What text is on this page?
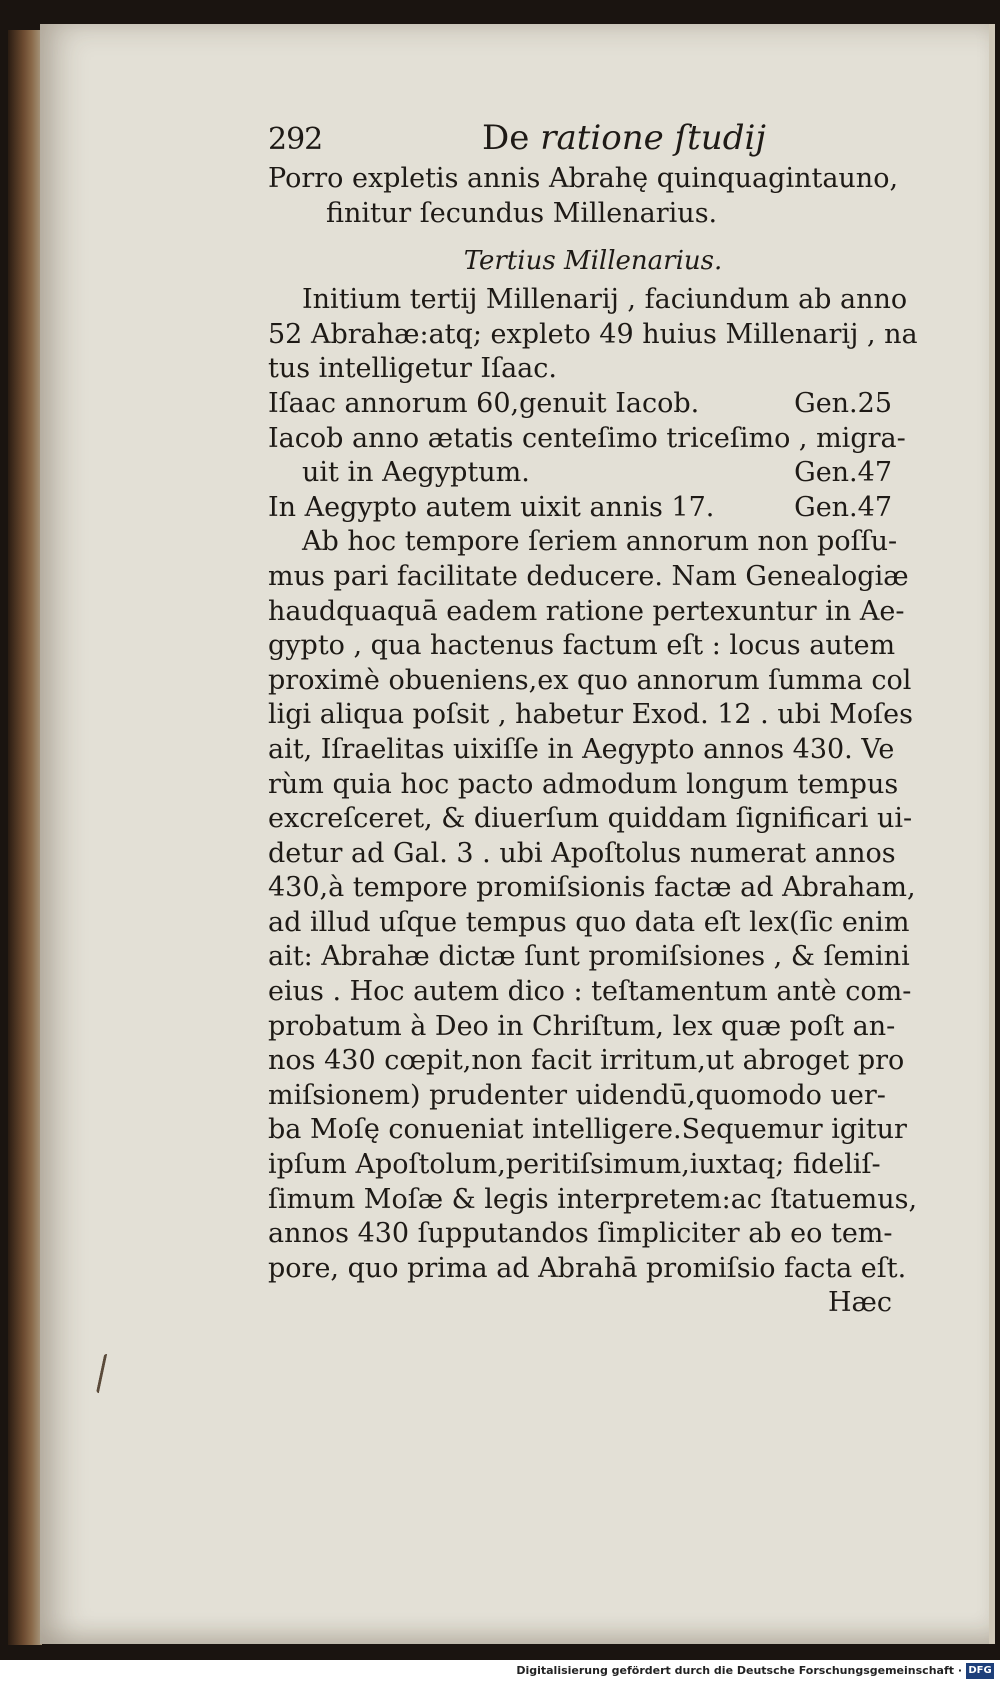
292	De ratione ſtudij
Porro expletis annis Abrahę quinquagintauno,
finitur ſecundus Millenarius.
Tertius Millenarius.
Initium tertij Millenarij , faciundum ab anno
52 Abrahæ:atq; expleto 49 huius Millenarij , na
tus intelligetur Iſaac.
Iſaac annorum 60,genuit Iacob.	Gen.25
Iacob anno ætatis centeſimo triceſimo , migra-
uit in Aegyptum.	Gen.47
In Aegypto autem uixit annis 17.	Gen.47
Ab hoc tempore ſeriem annorum non poſſu-
mus pari facilitate deducere. Nam Genealogiæ
haudquaquā eadem ratione pertexuntur in Ae-
gypto , qua hactenus factum eſt : locus autem
proximè obueniens,ex quo annorum ſumma col
ligi aliqua poſsit , habetur Exod. 12 . ubi Moſes
ait, Iſraelitas uixiſſe in Aegypto annos 430. Ve
rùm quia hoc pacto admodum longum tempus
excreſceret, & diuerſum quiddam ſignificari ui-
detur ad Gal. 3 . ubi Apoſtolus numerat annos
430,à tempore promiſsionis factæ ad Abraham,
ad illud uſque tempus quo data eſt lex(ſic enim
ait: Abrahæ dictæ ſunt promiſsiones , & ſemini
eius . Hoc autem dico : teſtamentum antè com-
probatum à Deo in Chriſtum, lex quæ poſt an-
nos 430 cœpit,non facit irritum,ut abroget pro
miſsionem) prudenter uidendū,quomodo uer-
ba Moſę conueniat intelligere.Sequemur igitur
ipſum Apoſtolum,peritiſsimum,iuxtaq; fideliſ-
ſimum Moſæ & legis interpretem:ac ſtatuemus,
annos 430 ſupputandos ſimpliciter ab eo tem-
pore, quo prima ad Abrahā promiſsio facta eſt.
Hæc
Digitalisierung gefördert durch die Deutsche Forschungsgemeinschaft · DFG
